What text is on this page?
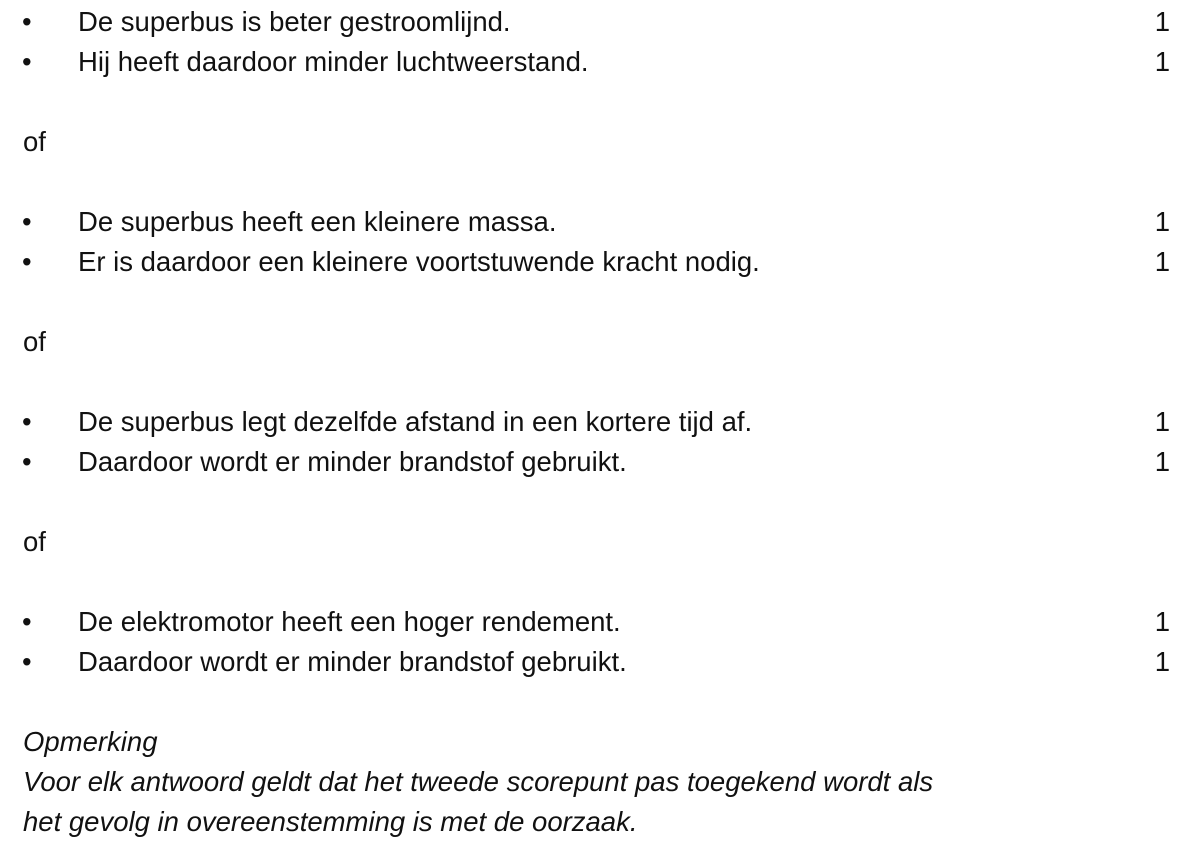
•	De superbus is beter gestroomlijnd.	1
•	Hij heeft daardoor minder luchtweerstand.	1
of
•	De superbus heeft een kleinere massa.	1
•	Er is daardoor een kleinere voortstuwende kracht nodig.	1
of
•	De superbus legt dezelfde afstand in een kortere tijd af.	1
•	Daardoor wordt er minder brandstof gebruikt.	1
of
•	De elektromotor heeft een hoger rendement.	1
•	Daardoor wordt er minder brandstof gebruikt.	1
Opmerking
Voor elk antwoord geldt dat het tweede scorepunt pas toegekend wordt als
het gevolg in overeenstemming is met de oorzaak.
